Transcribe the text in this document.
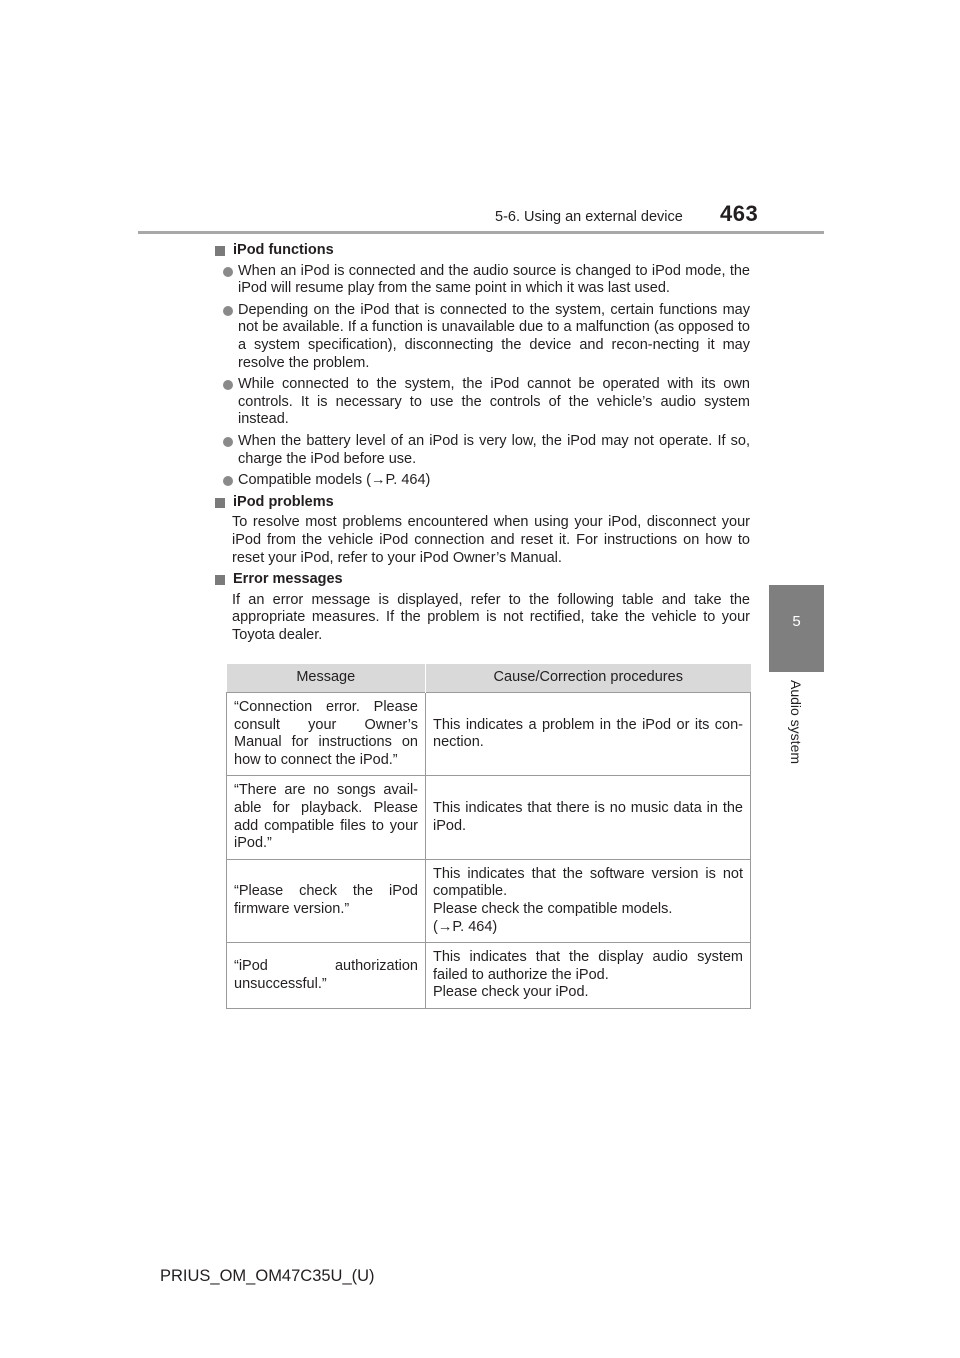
5-6. Using an external device 463
5
Audio system
iPod functions
When an iPod is connected and the audio source is changed to iPod mode, the iPod will resume play from the same point in which it was last used.
Depending on the iPod that is connected to the system, certain functions may not be available. If a function is unavailable due to a malfunction (as opposed to a system specification), disconnecting the device and recon-necting it may resolve the problem.
While connected to the system, the iPod cannot be operated with its own controls. It is necessary to use the controls of the vehicle’s audio system instead.
When the battery level of an iPod is very low, the iPod may not operate. If so, charge the iPod before use.
Compatible models (→P. 464)
iPod problems
To resolve most problems encountered when using your iPod, disconnect your iPod from the vehicle iPod connection and reset it. For instructions on how to reset your iPod, refer to your iPod Owner’s Manual.
Error messages
If an error message is displayed, refer to the following table and take the appropriate measures. If the problem is not rectified, take the vehicle to your Toyota dealer.
Message	Cause/Correction procedures
“Connection error. Please consult your Owner’s Manual for instructions on how to connect the iPod.”	This indicates a problem in the iPod or its con-nection.
“There are no songs avail-able for playback. Please add compatible files to your iPod.”	This indicates that there is no music data in the iPod.
“Please check the iPod firmware version.”	This indicates that the software version is not compatible.
Please check the compatible models.
(→P. 464)
“iPod authorization unsuccessful.”	This indicates that the display audio system failed to authorize the iPod.
Please check your iPod.
PRIUS_OM_OM47C35U_(U)
